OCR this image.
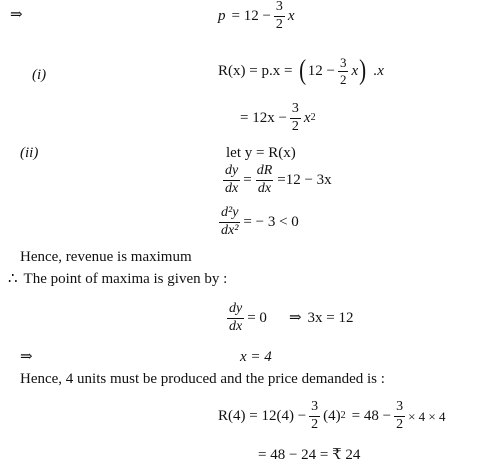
⇒	$p = 12 - \frac{3}{2}$ x
(i)	R(x) = p.x = ( $12 - \frac{3}{2}$ x ) .x
= $12x - \frac{3}{2}$ x 2
(ii)	let y = R(x)
$\frac{dy}{dx} = \frac{dR}{dx} =12 - 3x$
$\frac{\text{d²y}}{\text{dx²}}$ = − 3 < 0
Hence, revenue is maximum
∴ The point of maxima is given by :
$\frac{dy}{dx} = 0$ ⇒ 3x = 12
⇒	x = 4
Hence, 4 units must be produced and the price demanded is :
$R(4) = 12(4) - \frac{3}{2} (4) 2 = 48 - \frac{3}{2} \times 4 \times 4$
= 48 − 24 = ₹ 24
